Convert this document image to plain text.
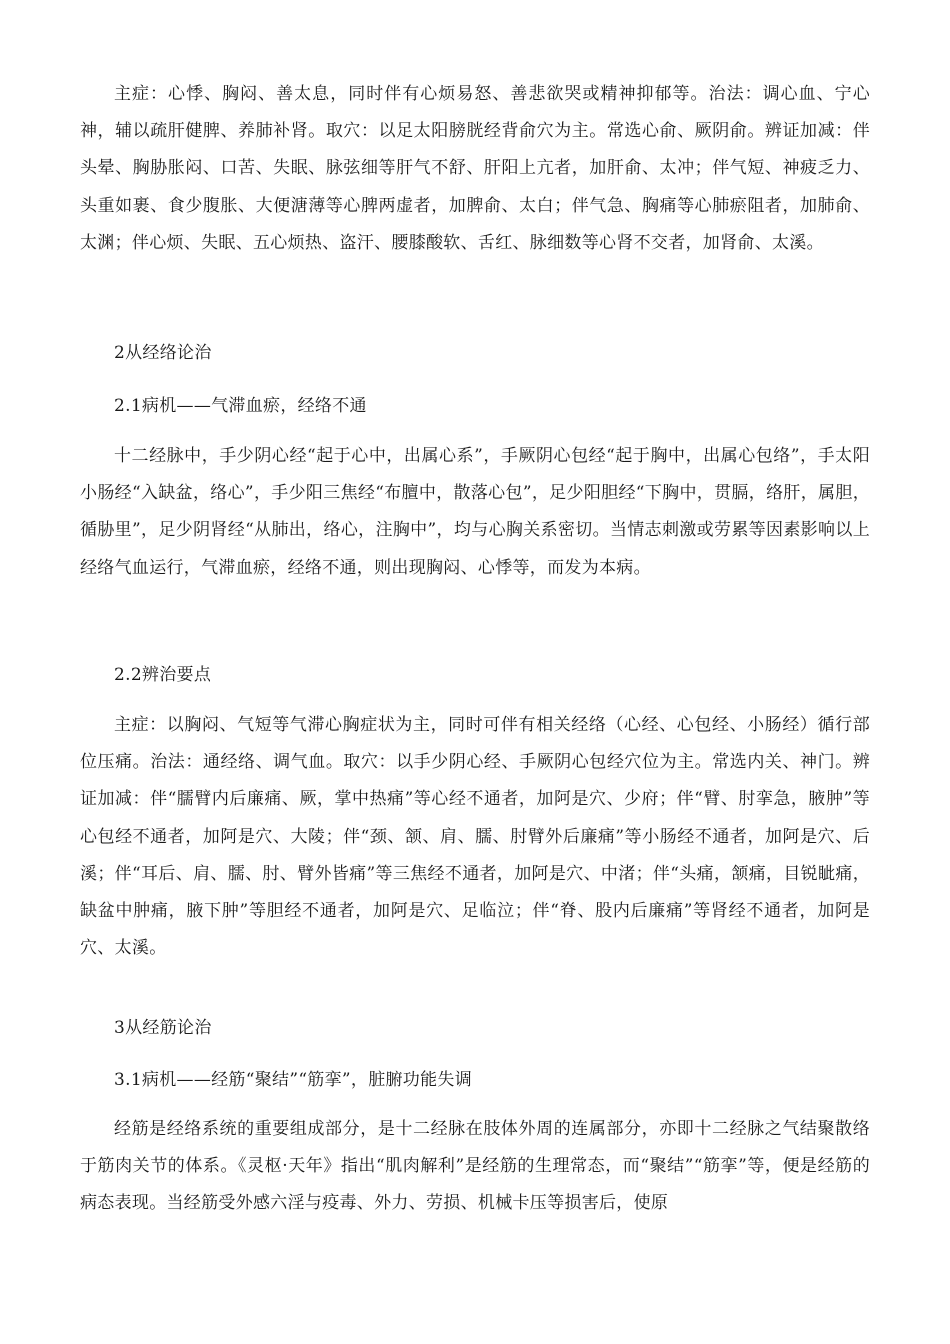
主症：心悸、胸闷、善太息，同时伴有心烦易怒、善悲欲哭或精神抑郁等。治法：调心血、宁心神，辅以疏肝健脾、养肺补肾。取穴：以足太阳膀胱经背俞穴为主。常选心俞、厥阴俞。辨证加减：伴头晕、胸胁胀闷、口苦、失眠、脉弦细等肝气不舒、肝阳上亢者，加肝俞、太冲；伴气短、神疲乏力、头重如裹、食少腹胀、大便溏薄等心脾两虚者，加脾俞、太白；伴气急、胸痛等心肺瘀阻者，加肺俞、太渊；伴心烦、失眠、五心烦热、盗汗、腰膝酸软、舌红、脉细数等心肾不交者，加肾俞、太溪。

2从经络论治
2.1病机——气滞血瘀，经络不通

十二经脉中，手少阴心经“起于心中，出属心系”，手厥阴心包经“起于胸中，出属心包络”，手太阳小肠经“入缺盆，络心”，手少阳三焦经“布膻中，散落心包”，足少阳胆经“下胸中，贯膈，络肝，属胆，循胁里”，足少阴肾经“从肺出，络心，注胸中”，均与心胸关系密切。当情志刺激或劳累等因素影响以上经络气血运行，气滞血瘀，经络不通，则出现胸闷、心悸等，而发为本病。

2.2辨治要点

主症：以胸闷、气短等气滞心胸症状为主，同时可伴有相关经络（心经、心包经、小肠经）循行部位压痛。治法：通经络、调气血。取穴：以手少阴心经、手厥阴心包经穴位为主。常选内关、神门。辨证加减：伴“臑臂内后廉痛、厥，掌中热痛”等心经不通者，加阿是穴、少府；伴“臂、肘挛急，腋肿”等心包经不通者，加阿是穴、大陵；伴“颈、颔、肩、臑、肘臂外后廉痛”等小肠经不通者，加阿是穴、后溪；伴“耳后、肩、臑、肘、臂外皆痛”等三焦经不通者，加阿是穴、中渚；伴“头痛，颔痛，目锐眦痛，缺盆中肿痛，腋下肿”等胆经不通者，加阿是穴、足临泣；伴“脊、股内后廉痛”等肾经不通者，加阿是穴、太溪。

3从经筋论治
3.1病机——经筋“聚结”“筋挛”，脏腑功能失调

经筋是经络系统的重要组成部分，是十二经脉在肢体外周的连属部分，亦即十二经脉之气结聚散络于筋肉关节的体系。《灵枢·天年》指出“肌肉解利”是经筋的生理常态，而“聚结”“筋挛”等，便是经筋的病态表现。当经筋受外感六淫与疫毒、外力、劳损、机械卡压等损害后，使原
